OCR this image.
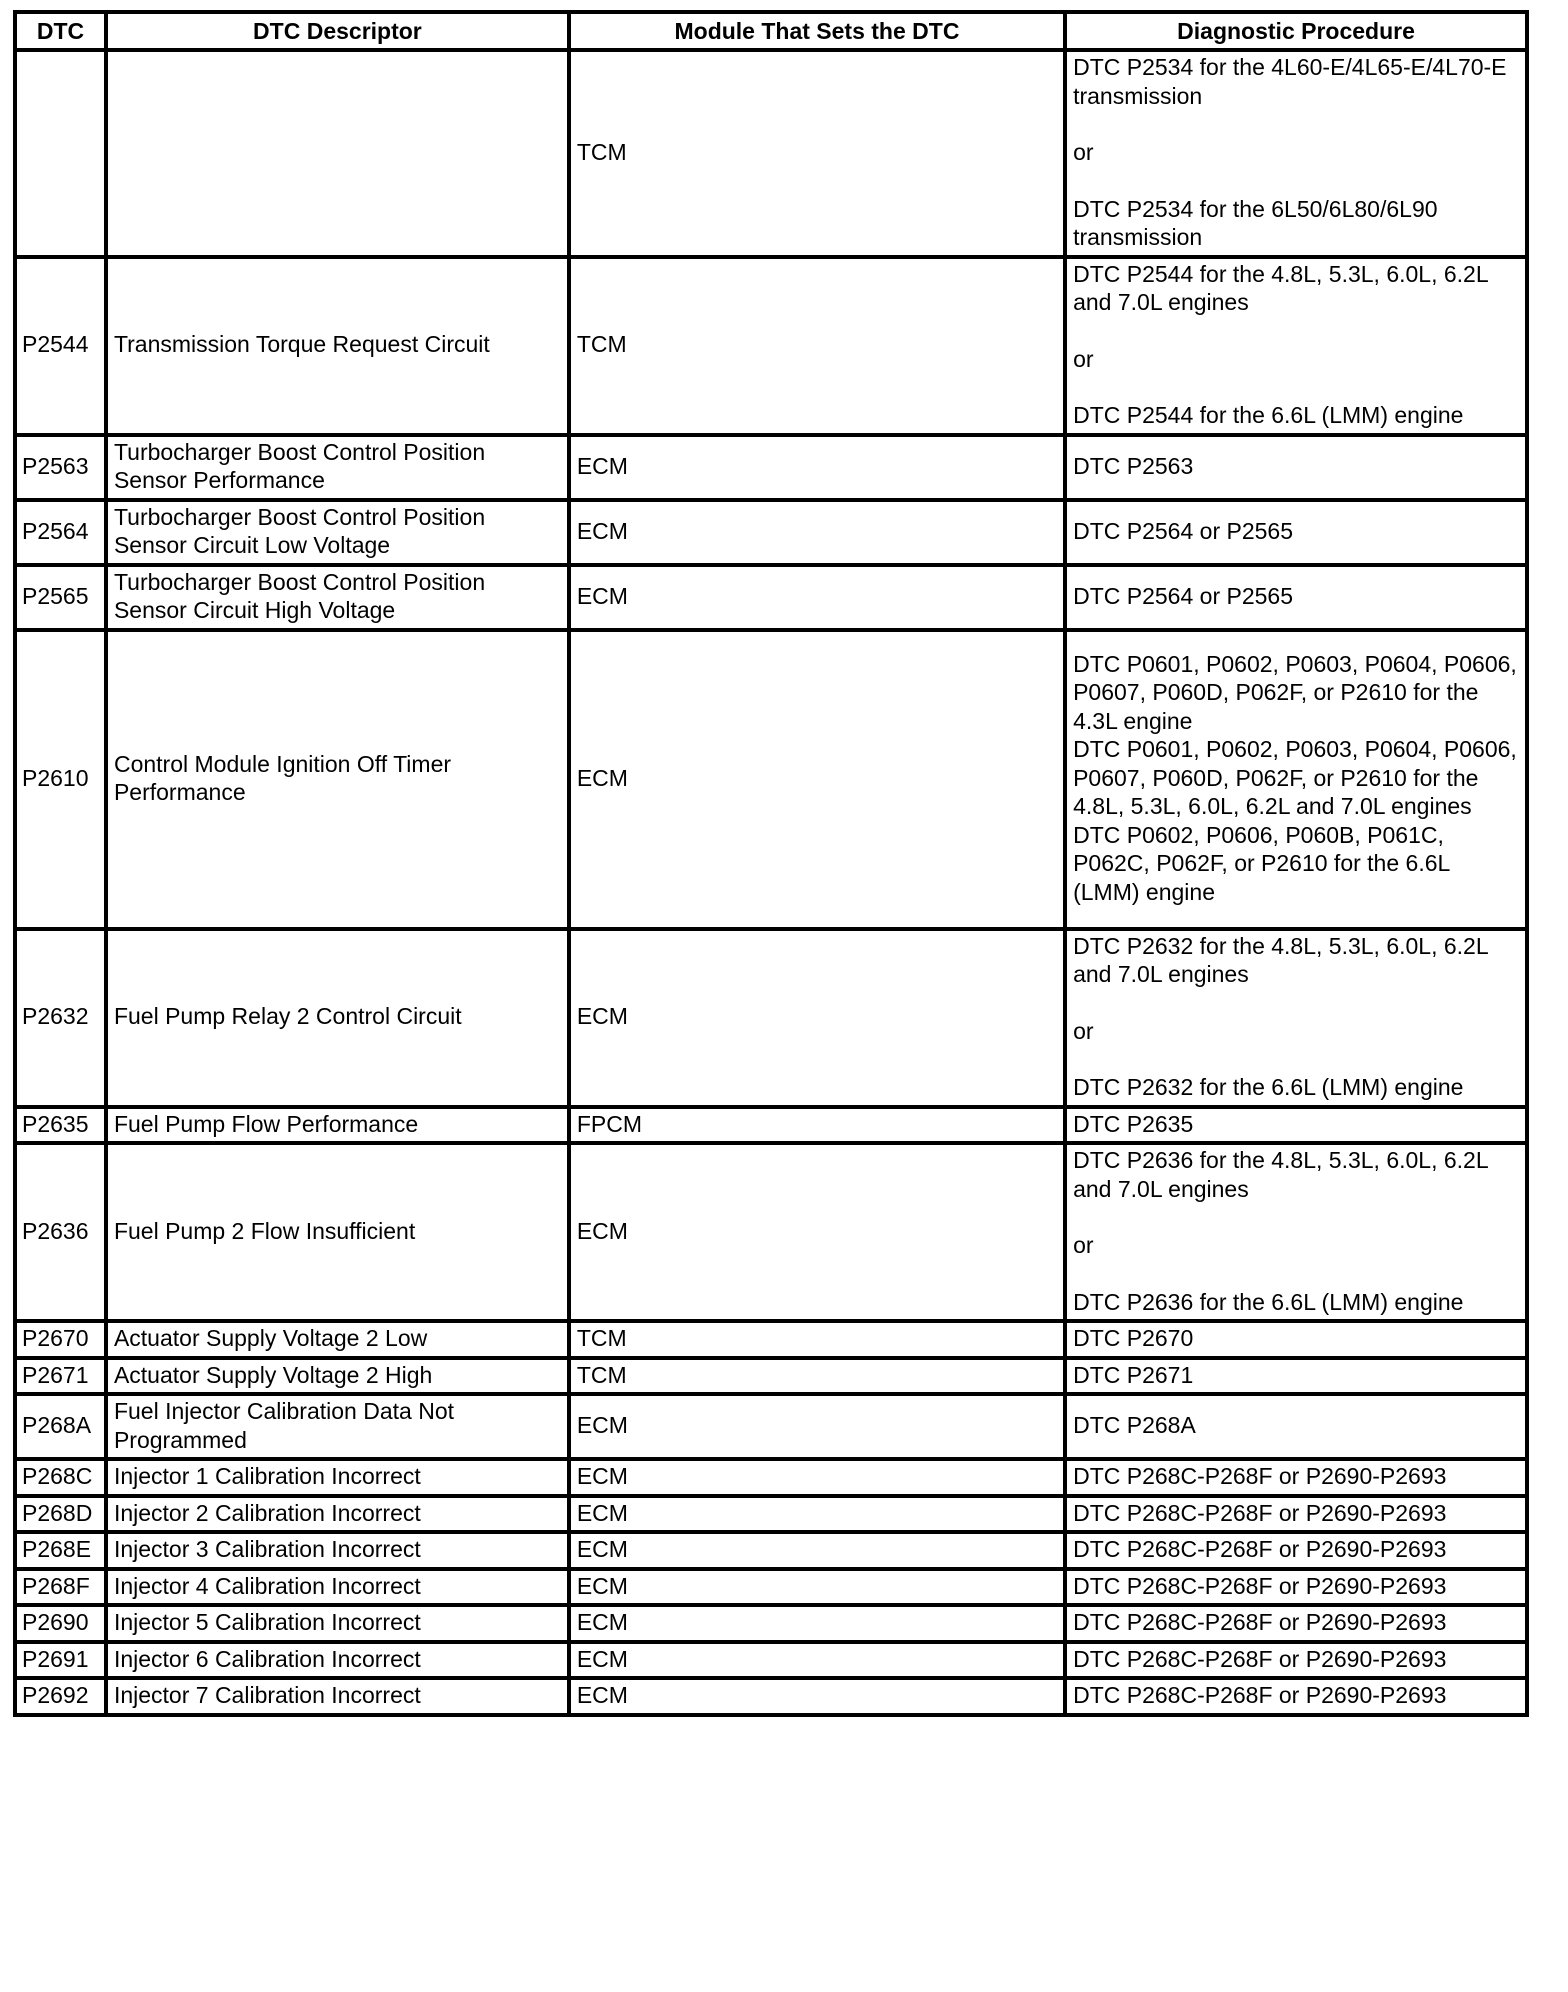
DTC	DTC Descriptor	Module That Sets the DTC	Diagnostic Procedure
		TCM	DTC P2534 for the 4L60-E/4L65-E/4L70-E transmission
or
DTC P2534 for the 6L50/6L80/6L90 transmission

P2544	Transmission Torque Request Circuit	TCM	DTC P2544 for the 4.8L, 5.3L, 6.0L, 6.2L and 7.0L engines
or
DTC P2544 for the 6.6L (LMM) engine

P2563	Turbocharger Boost Control Position Sensor Performance	ECM	DTC P2563

P2564	Turbocharger Boost Control Position Sensor Circuit Low Voltage	ECM	DTC P2564 or P2565

P2565	Turbocharger Boost Control Position Sensor Circuit High Voltage	ECM	DTC P2564 or P2565

P2610	Control Module Ignition Off Timer Performance	ECM	DTC P0601, P0602, P0603, P0604, P0606, P0607, P060D, P062F, or P2610 for the 4.3L engine
DTC P0601, P0602, P0603, P0604, P0606, P0607, P060D, P062F, or P2610 for the 4.8L, 5.3L, 6.0L, 6.2L and 7.0L engines
DTC P0602, P0606, P060B, P061C, P062C, P062F, or P2610 for the 6.6L (LMM) engine

P2632	Fuel Pump Relay 2 Control Circuit	ECM	DTC P2632 for the 4.8L, 5.3L, 6.0L, 6.2L and 7.0L engines
or
DTC P2632 for the 6.6L (LMM) engine

P2635	Fuel Pump Flow Performance	FPCM	DTC P2635

P2636	Fuel Pump 2 Flow Insufficient	ECM	DTC P2636 for the 4.8L, 5.3L, 6.0L, 6.2L and 7.0L engines
or
DTC P2636 for the 6.6L (LMM) engine

P2670	Actuator Supply Voltage 2 Low	TCM	DTC P2670

P2671	Actuator Supply Voltage 2 High	TCM	DTC P2671

P268A	Fuel Injector Calibration Data Not Programmed	ECM	DTC P268A

P268C	Injector 1 Calibration Incorrect	ECM	DTC P268C-P268F or P2690-P2693

P268D	Injector 2 Calibration Incorrect	ECM	DTC P268C-P268F or P2690-P2693

P268E	Injector 3 Calibration Incorrect	ECM	DTC P268C-P268F or P2690-P2693

P268F	Injector 4 Calibration Incorrect	ECM	DTC P268C-P268F or P2690-P2693

P2690	Injector 5 Calibration Incorrect	ECM	DTC P268C-P268F or P2690-P2693

P2691	Injector 6 Calibration Incorrect	ECM	DTC P268C-P268F or P2690-P2693

P2692	Injector 7 Calibration Incorrect	ECM	DTC P268C-P268F or P2690-P2693
